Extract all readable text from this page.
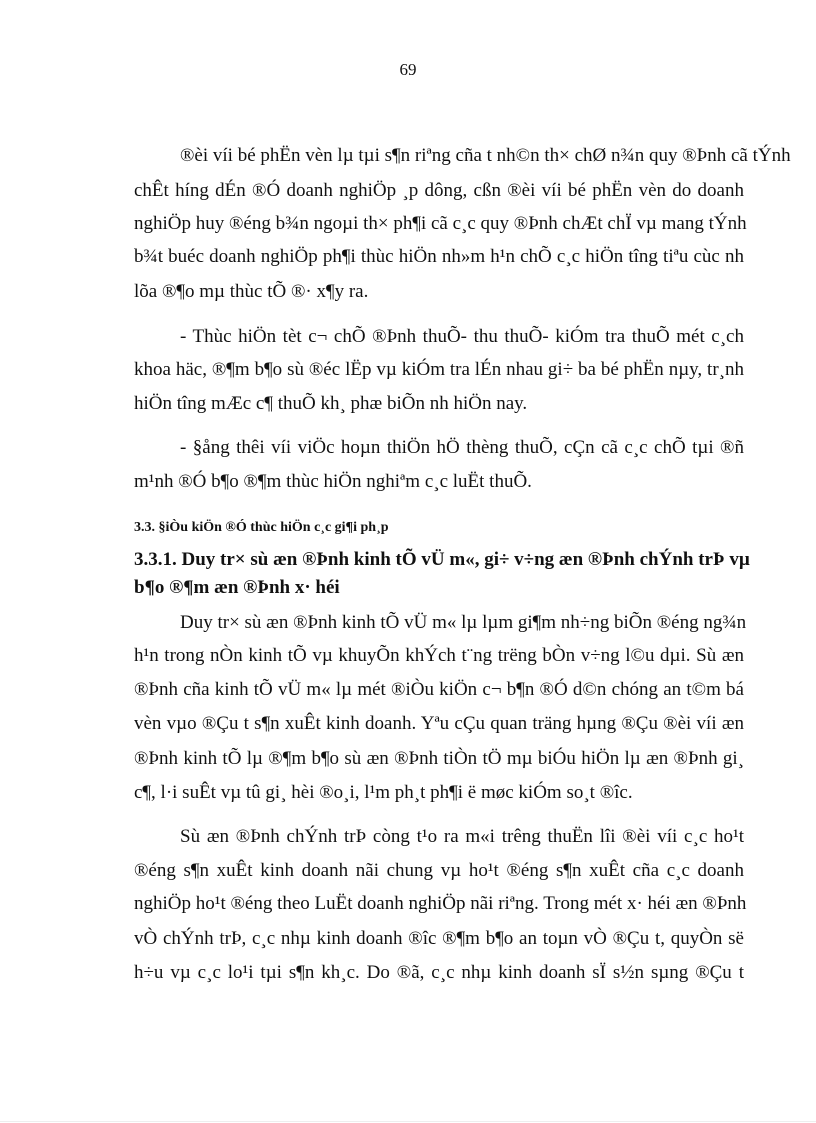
69
®èi víi bé phËn vèn lµ tµi s¶n riªng cña t nh©n th× chØ n¾n quy ®Þnh cã tÝnh
chÊt híng dÉn ®Ó doanh nghiÖp ¸p dông, cßn ®èi víi bé phËn vèn do doanh
nghiÖp huy ®éng b¾n ngoµi th× ph¶i cã c¸c quy ®Þnh chÆt chÏ vµ mang tÝnh
b¾t buéc doanh nghiÖp ph¶i thùc hiÖn nh»m h¹n chÕ c¸c hiÖn tîng tiªu cùc nh
lõa ®¶o mµ thùc tÕ ®· x¶y ra.
- Thùc hiÖn tèt c¬ chÕ ®Þnh thuÕ- thu thuÕ- kiÓm tra thuÕ mét c¸ch
khoa häc, ®¶m b¶o sù ®éc lËp vµ kiÓm tra lÉn nhau gi÷ ba bé phËn nµy, tr¸nh
hiÖn tîng mÆc c¶ thuÕ kh¸ phæ biÕn nh hiÖn nay.
- §ång thêi víi viÖc hoµn thiÖn hÖ thèng thuÕ, cÇn cã c¸c chÕ tµi ®ñ
m¹nh ®Ó b¶o ®¶m thùc hiÖn nghiªm c¸c luËt thuÕ.
3.3. §iÒu kiÖn ®Ó thùc hiÖn c¸c gi¶i ph¸p
3.3.1. Duy tr× sù æn ®Þnh kinh tÕ vÜ m«, gi÷ v÷ng æn ®Þnh chÝnh trÞ vµ
b¶o ®¶m æn ®Þnh x· héi
Duy tr× sù æn ®Þnh kinh tÕ vÜ m« lµ lµm gi¶m nh÷ng biÕn ®éng ng¾n
h¹n trong nÒn kinh tÕ vµ khuyÕn khÝch t¨ng trëng bÒn v÷ng l©u dµi. Sù æn
®Þnh cña kinh tÕ vÜ m« lµ mét ®iÒu kiÖn c¬ b¶n ®Ó d©n chóng an t©m bá
vèn vµo ®Çu t s¶n xuÊt kinh doanh. Yªu cÇu quan träng hµng ®Çu ®èi víi æn
®Þnh kinh tÕ lµ ®¶m b¶o sù æn ®Þnh tiÒn tÖ mµ biÓu hiÖn lµ æn ®Þnh gi¸
c¶, l·i suÊt vµ tû gi¸ hèi ®o¸i, l¹m ph¸t ph¶i ë møc kiÓm so¸t ®îc.
Sù æn ®Þnh chÝnh trÞ còng t¹o ra m«i trêng thuËn lîi ®èi víi c¸c ho¹t
®éng s¶n xuÊt kinh doanh nãi chung vµ ho¹t ®éng s¶n xuÊt cña c¸c doanh
nghiÖp ho¹t ®éng theo LuËt doanh nghiÖp nãi riªng. Trong mét x· héi æn ®Þnh
vÒ chÝnh trÞ, c¸c nhµ kinh doanh ®îc ®¶m b¶o an toµn vÒ ®Çu t, quyÒn së
h÷u vµ c¸c lo¹i tµi s¶n kh¸c. Do ®ã, c¸c nhµ kinh doanh sÏ s½n sµng ®Çu t
